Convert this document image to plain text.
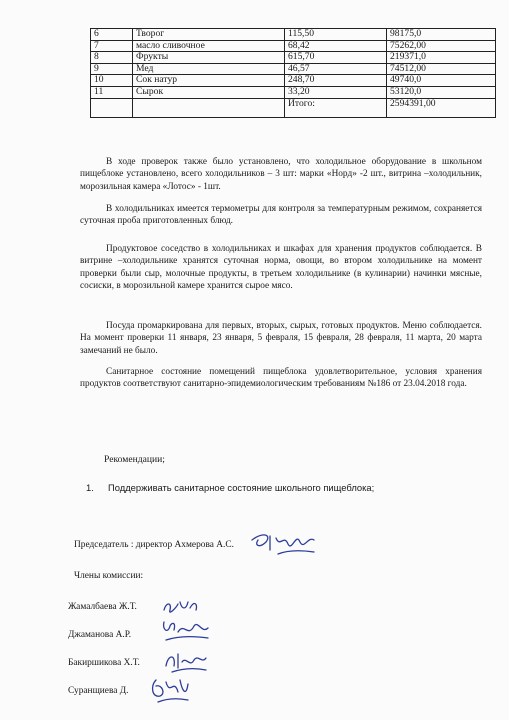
6	Творог	115,50	98175,0
7	масло сливочное	68,42	75262,00
8	Фрукты	615,70	219371,0
9	Мед	46,57	74512,00
10	Сок натур	248,70	49740,0
11	Сырок	33,20	53120,0
		Итого:	2594391,00

В ходе проверок также было установлено, что холодильное оборудование в школьном пищеблоке установлено, всего холодильников – 3 шт: марки «Норд» -2 шт., витрина –холодильник, морозильная камера «Лотос» - 1шт.

В холодильниках имеется термометры для контроля за температурным режимом, сохраняется суточная проба приготовленных блюд.

Продуктовое соседство в холодильниках и шкафах для хранения продуктов соблюдается. В витрине –холодильнике хранятся суточная норма, овощи, во втором холодильнике на момент проверки были сыр, молочные продукты, в третьем холодильнике (в кулинарии) начинки мясные, сосиски, в морозильной камере хранится сырое мясо.

Посуда промаркирована для первых, вторых, сырых, готовых продуктов. Меню соблюдается. На момент проверки 11 января, 23 января, 5 февраля, 15 февраля, 28 февраля, 11 марта, 20 марта замечаний не было.

Санитарное состояние помещений пищеблока удовлетворительное, условия хранения продуктов соответствуют санитарно-эпидемиологическим требованиям №186 от 23.04.2018 года.

Рекомендации;

1. Поддерживать санитарное состояние школьного пищеблока;

Председатель : директор Ахмерова А.С.

Члены комиссии:

Жамалбаева Ж.Т.

Джаманова А.Р.

Бакиршикова Х.Т.

Суранщиева Д.
